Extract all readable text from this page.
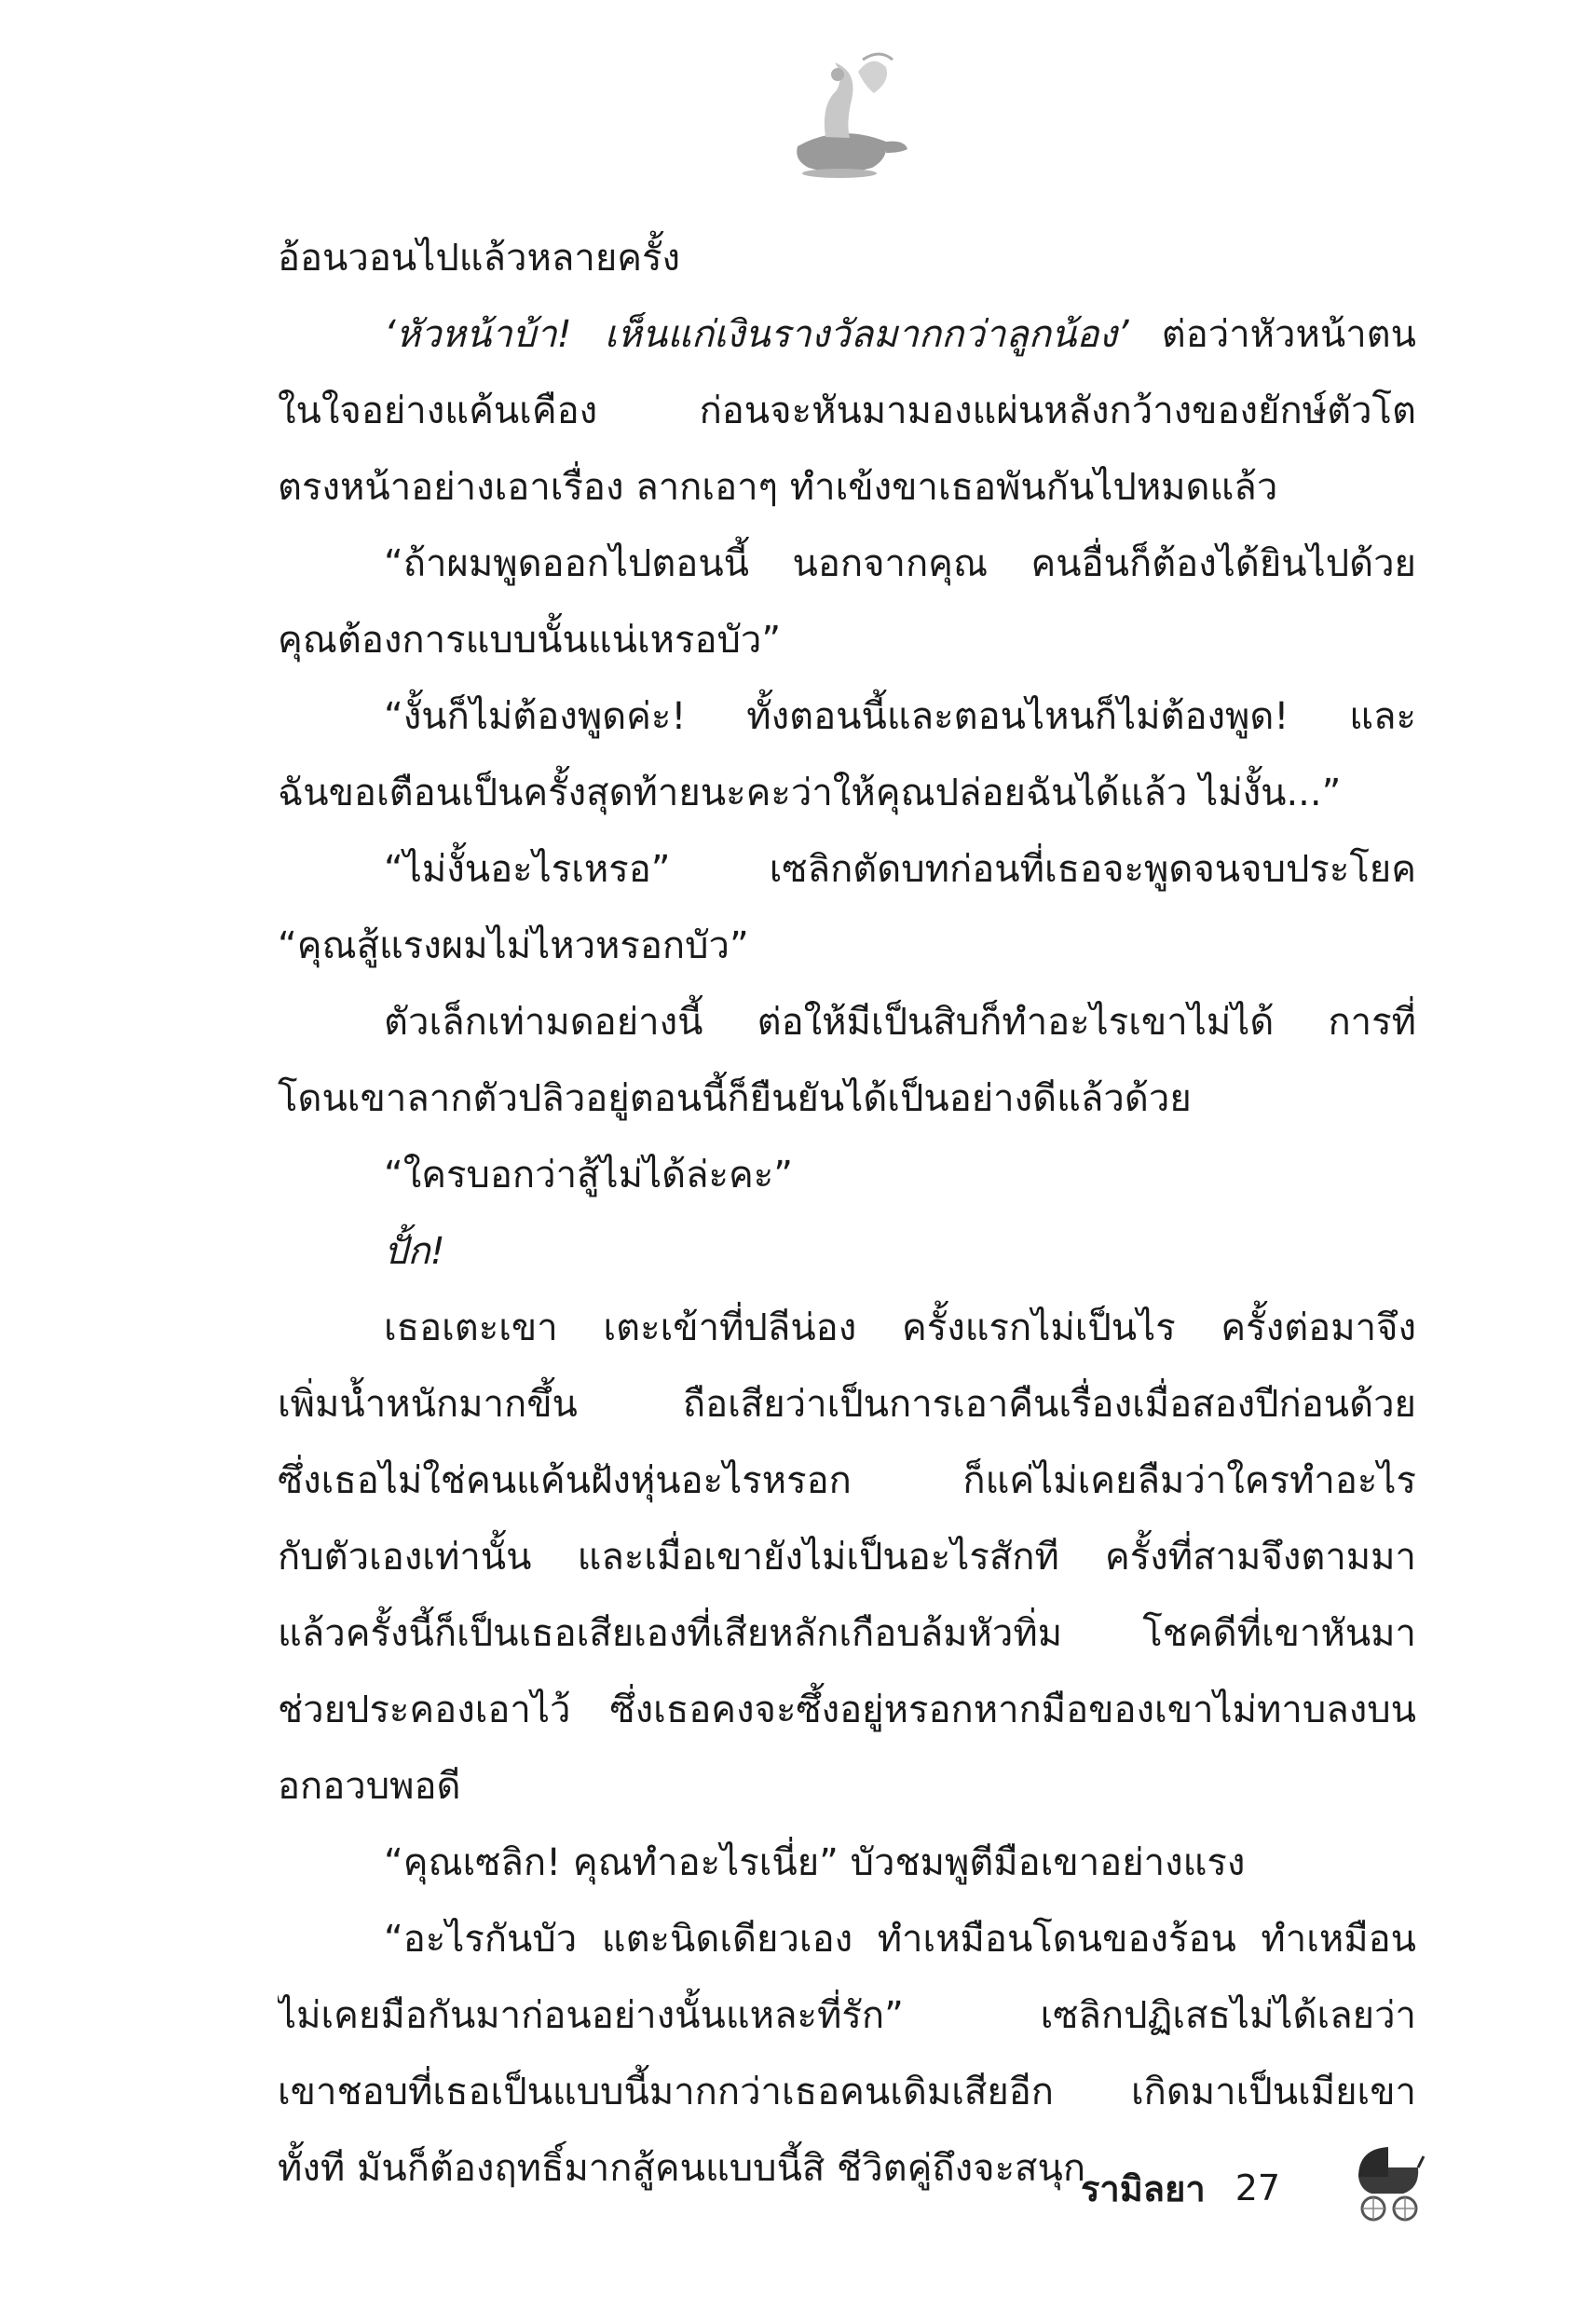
อ้อนวอนไปแล้วหลายครั้ง
‘หัวหน้าบ้า! เห็นแก่เงินรางวัลมากกว่าลูกน้อง’ ต่อว่าหัวหน้าตน
ในใจอย่างแค้นเคือง ก่อนจะหันมามองแผ่นหลังกว้างของยักษ์ตัวโต
ตรงหน้าอย่างเอาเรื่อง ลากเอาๆ ทำเข้งขาเธอพันกันไปหมดแล้ว
“ถ้าผมพูดออกไปตอนนี้ นอกจากคุณ คนอื่นก็ต้องได้ยินไปด้วย
คุณต้องการแบบนั้นแน่เหรอบัว”
“งั้นก็ไม่ต้องพูดค่ะ! ทั้งตอนนี้และตอนไหนก็ไม่ต้องพูด! และ
ฉันขอเตือนเป็นครั้งสุดท้ายนะคะว่าให้คุณปล่อยฉันได้แล้ว ไม่งั้น...”
“ไม่งั้นอะไรเหรอ” เซลิกตัดบทก่อนที่เธอจะพูดจนจบประโยค
“คุณสู้แรงผมไม่ไหวหรอกบัว”
ตัวเล็กเท่ามดอย่างนี้ ต่อให้มีเป็นสิบก็ทำอะไรเขาไม่ได้ การที่
โดนเขาลากตัวปลิวอยู่ตอนนี้ก็ยืนยันได้เป็นอย่างดีแล้วด้วย
“ใครบอกว่าสู้ไม่ได้ล่ะคะ”
ปั้ก!
เธอเตะเขา เตะเข้าที่ปลีน่อง ครั้งแรกไม่เป็นไร ครั้งต่อมาจึง
เพิ่มน้ำหนักมากขึ้น ถือเสียว่าเป็นการเอาคืนเรื่องเมื่อสองปีก่อนด้วย
ซึ่งเธอไม่ใช่คนแค้นฝังหุ่นอะไรหรอก ก็แค่ไม่เคยลืมว่าใครทำอะไร
กับตัวเองเท่านั้น และเมื่อเขายังไม่เป็นอะไรสักที ครั้งที่สามจึงตามมา
แล้วครั้งนี้ก็เป็นเธอเสียเองที่เสียหลักเกือบล้มหัวทิ่ม โชคดีที่เขาหันมา
ช่วยประคองเอาไว้ ซึ่งเธอคงจะซึ้งอยู่หรอกหากมือของเขาไม่ทาบลงบน
อกอวบพอดี
“คุณเซลิก! คุณทำอะไรเนี่ย” บัวชมพูตีมือเขาอย่างแรง
“อะไรกันบัว แตะนิดเดียวเอง ทำเหมือนโดนของร้อน ทำเหมือน
ไม่เคยมือกันมาก่อนอย่างนั้นแหละที่รัก” เซลิกปฏิเสธไม่ได้เลยว่า
เขาชอบที่เธอเป็นแบบนี้มากกว่าเธอคนเดิมเสียอีก เกิดมาเป็นเมียเขา
ทั้งที มันก็ต้องฤทธิ์มากสู้คนแบบนี้สิ ชีวิตคู่ถึงจะสนุก
รามิลยา 27
